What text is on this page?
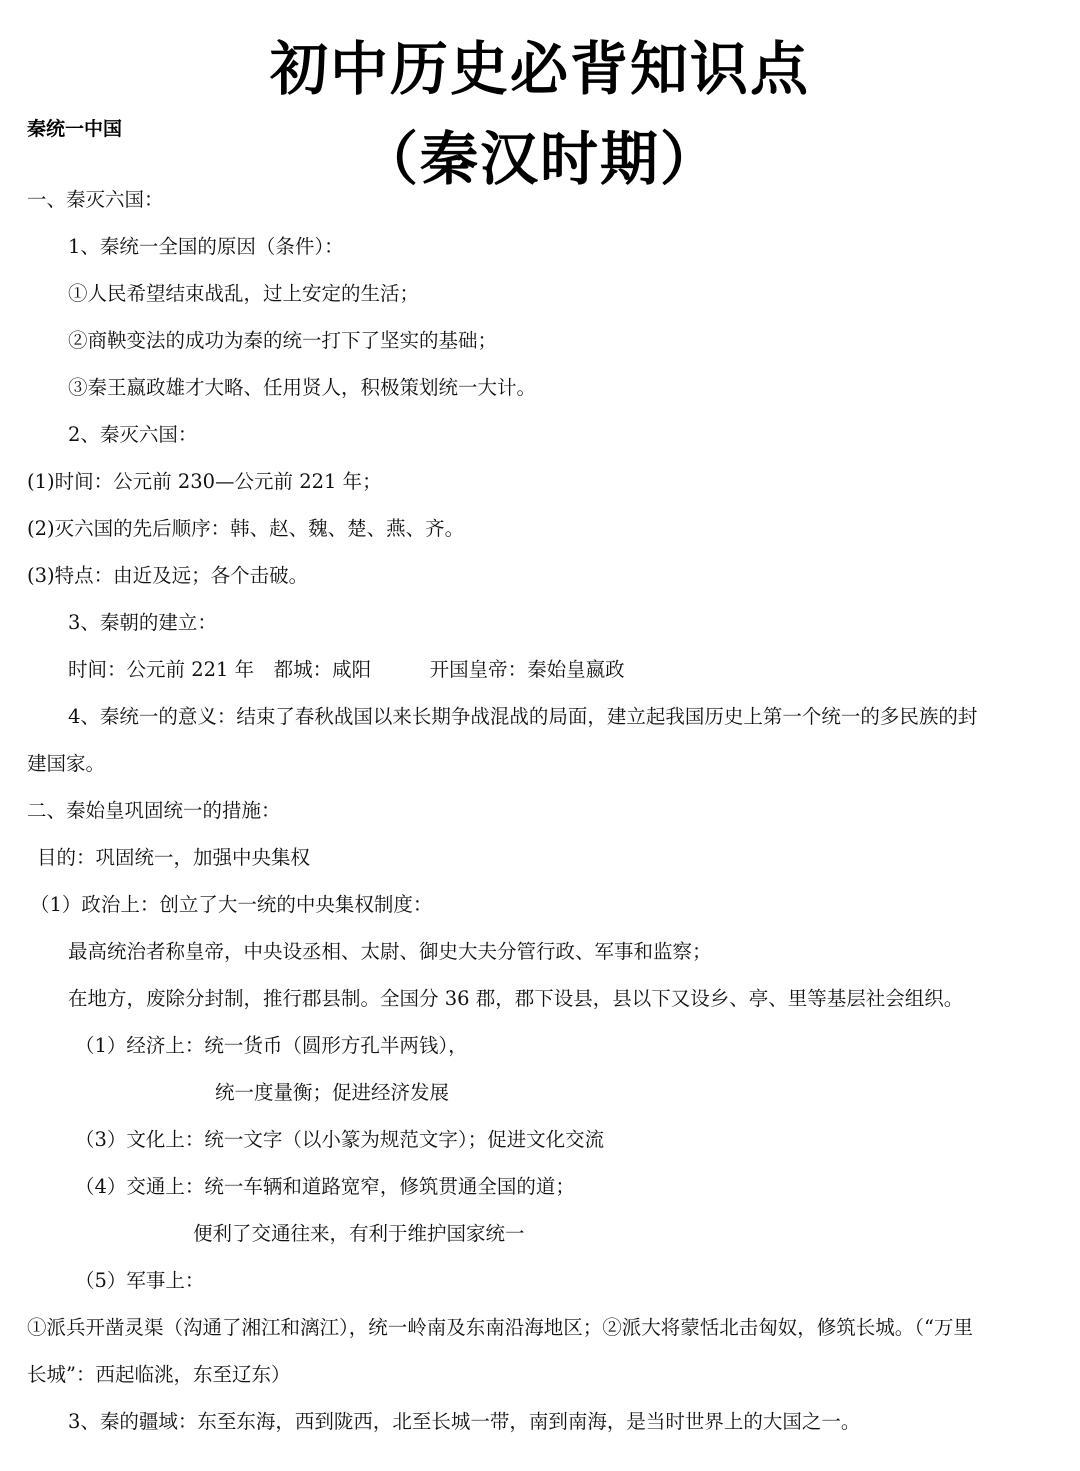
初中历史必背知识点
（秦汉时期）
秦统一中国
一、秦灭六国：
1、秦统一全国的原因（条件）：
①人民希望结束战乱，过上安定的生活；
②商鞅变法的成功为秦的统一打下了坚实的基础；
③秦王嬴政雄才大略、任用贤人，积极策划统一大计。
2、秦灭六国：
(1)时间：公元前 230—公元前 221 年；
(2)灭六国的先后顺序：韩、赵、魏、楚、燕、齐。
(3)特点：由近及远；各个击破。
3、秦朝的建立：
时间：公元前 221 年　都城：咸阳　　　开国皇帝：秦始皇嬴政
4、秦统一的意义：结束了春秋战国以来长期争战混战的局面，建立起我国历史上第一个统一的多民族的封
建国家。
二、秦始皇巩固统一的措施：
目的：巩固统一，加强中央集权
（1）政治上：创立了大一统的中央集权制度：
最高统治者称皇帝，中央设丞相、太尉、御史大夫分管行政、军事和监察；
在地方，废除分封制，推行郡县制。全国分 36 郡，郡下设县，县以下又设乡、亭、里等基层社会组织。
（1）经济上：统一货币（圆形方孔半两钱），
统一度量衡；促进经济发展
（3）文化上：统一文字（以小篆为规范文字）；促进文化交流
（4）交通上：统一车辆和道路宽窄，修筑贯通全国的道；
便利了交通往来，有利于维护国家统一
（5）军事上：
①派兵开凿灵渠（沟通了湘江和漓江），统一岭南及东南沿海地区；②派大将蒙恬北击匈奴，修筑长城。（“万里
长城”：西起临洮，东至辽东）
3、秦的疆域：东至东海，西到陇西，北至长城一带，南到南海，是当时世界上的大国之一。
